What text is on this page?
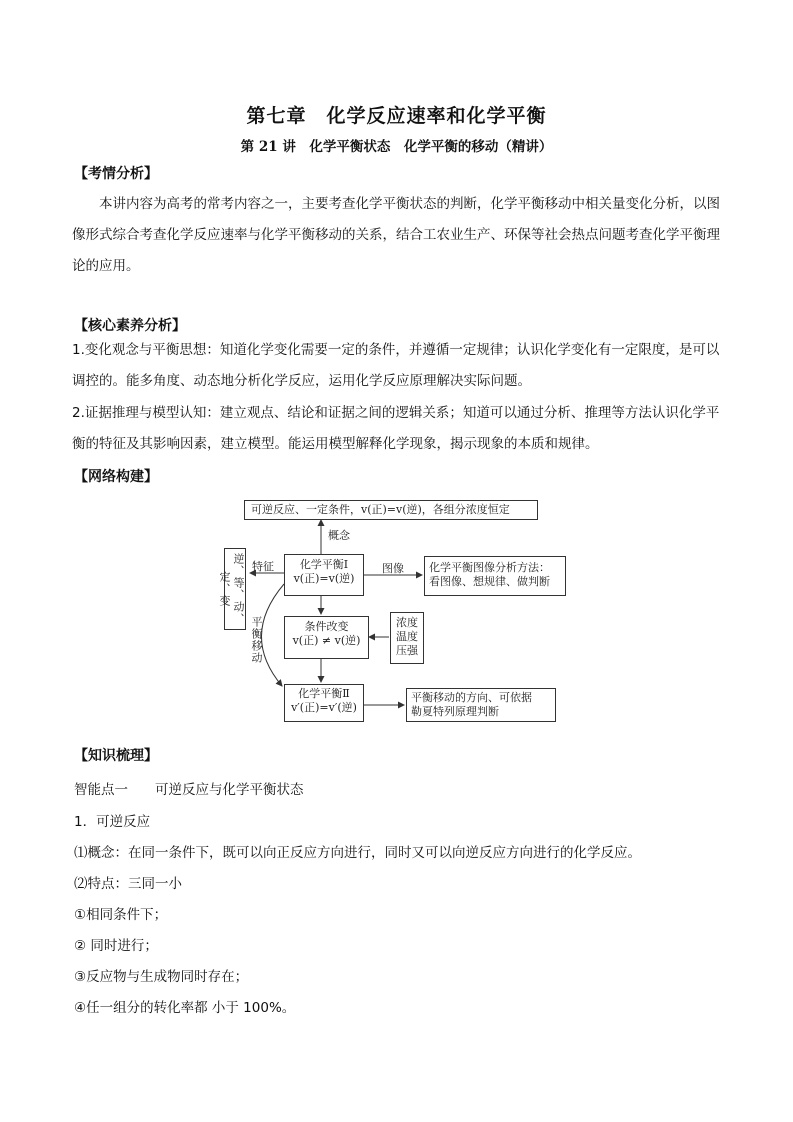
第七章　化学反应速率和化学平衡
第 21 讲　化学平衡状态　化学平衡的移动（精讲）
【考情分析】
本讲内容为高考的常考内容之一，主要考查化学平衡状态的判断，化学平衡移动中相关量变化分析，以图像形式综合考查化学反应速率与化学平衡移动的关系，结合工农业生产、环保等社会热点问题考查化学平衡理论的应用。
【核心素养分析】
1.变化观念与平衡思想：知道化学变化需要一定的条件，并遵循一定规律；认识化学变化有一定限度，是可以调控的。能多角度、动态地分析化学反应，运用化学反应原理解决实际问题。
2.证据推理与模型认知：建立观点、结论和证据之间的逻辑关系；知道可以通过分析、推理等方法认识化学平衡的特征及其影响因素，建立模型。能运用模型解释化学现象，揭示现象的本质和规律。
【网络构建】
可逆反应、一定条件，v(正)=v(逆)，各组分浓度恒定
概念
化学平衡Ⅰ
v(正)=v(逆)
特征
逆、等、动、定、变
图像 化学平衡图像分析方法：
看图像、想规律、做判断
条件改变
v(正) ≠ v(逆)
浓度温度压强
平衡移动
化学平衡Ⅱ
v′(正)=v′(逆)
平衡移动的方向、可依据
勒夏特列原理判断
【知识梳理】
智能点一　　可逆反应与化学平衡状态
1．可逆反应
⑴概念：在同一条件下，既可以向正反应方向进行，同时又可以向逆反应方向进行的化学反应。
⑵特点：三同一小
①相同条件下；
② 同时进行；
③反应物与生成物同时存在；
④任一组分的转化率都 小于 100%。
